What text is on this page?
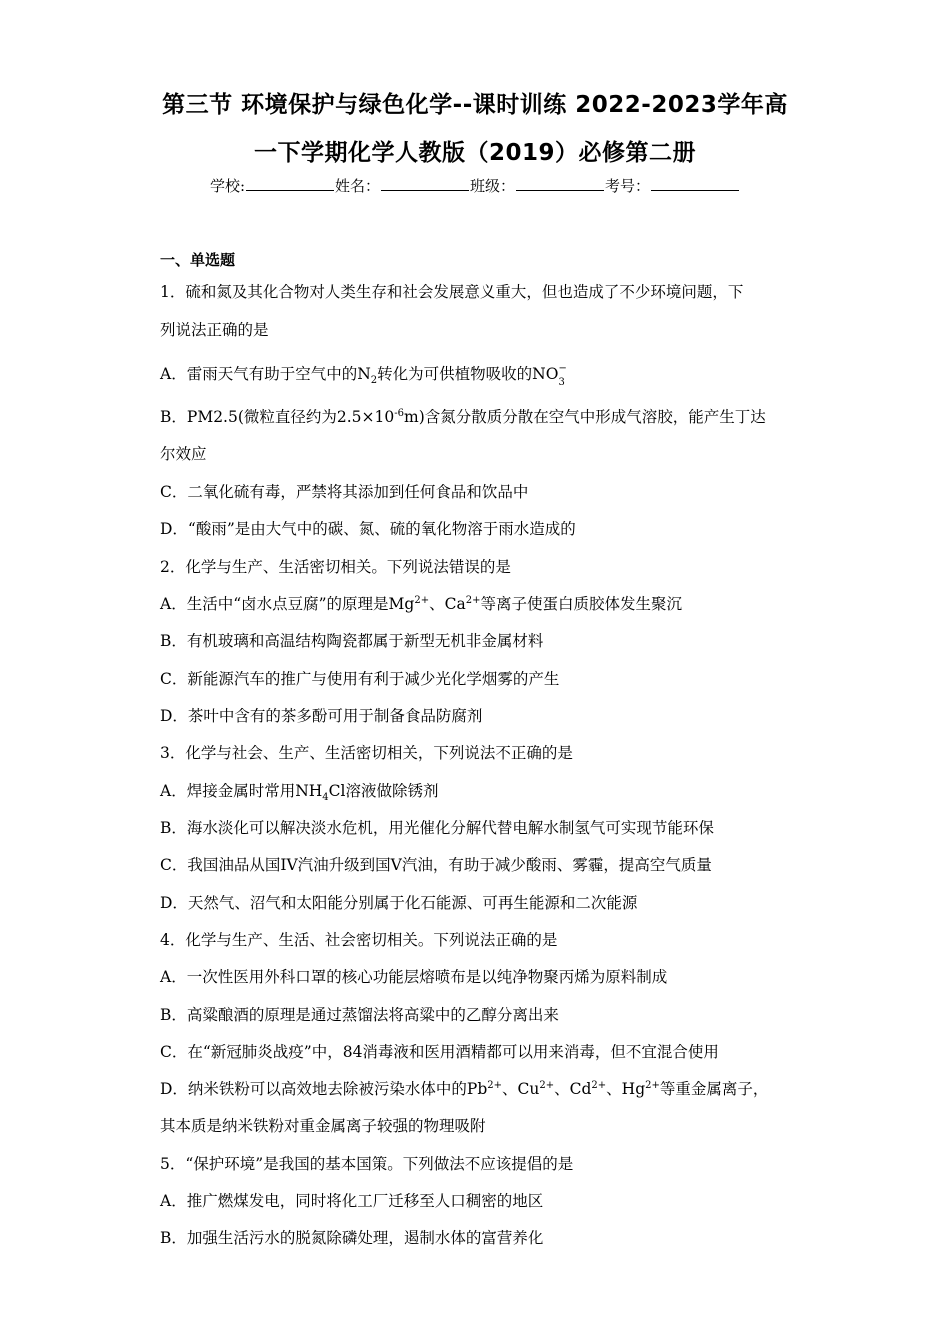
第三节 环境保护与绿色化学--课时训练 2022-2023学年高
一下学期化学人教版（2019）必修第二册
学校:	姓名：	班级：	考号：
一、单选题
1．硫和氮及其化合物对人类生存和社会发展意义重大，但也造成了不少环境问题，下
列说法正确的是
A．雷雨天气有助于空气中的$N_2$转化为可供植物吸收的NO −
3
B．PM2.5(微粒直径约为$2.5\times 10^{-6}m$)含氮分散质分散在空气中形成气溶胶，能产生丁达
尔效应
C．二氧化硫有毒，严禁将其添加到任何食品和饮品中
D．“酸雨”是由大气中的碳、氮、硫的氧化物溶于雨水造成的
2．化学与生产、生活密切相关。下列说法错误的是
A．生活中“卤水点豆腐”的原理是$Mg^{2+}$、$Ca^{2+}$等离子使蛋白质胶体发生聚沉
B．有机玻璃和高温结构陶瓷都属于新型无机非金属材料
C．新能源汽车的推广与使用有利于减少光化学烟雾的产生
D．茶叶中含有的茶多酚可用于制备食品防腐剂
3．化学与社会、生产、生活密切相关，下列说法不正确的是
A．焊接金属时常用$NH_4Cl$溶液做除锈剂
B．海水淡化可以解决淡水危机，用光催化分解代替电解水制氢气可实现节能环保
C．我国油品从国IV汽油升级到国V汽油，有助于减少酸雨、雾霾，提高空气质量
D．天然气、沼气和太阳能分别属于化石能源、可再生能源和二次能源
4．化学与生产、生活、社会密切相关。下列说法正确的是
A．一次性医用外科口罩的核心功能层熔喷布是以纯净物聚丙烯为原料制成
B．高粱酿酒的原理是通过蒸馏法将高粱中的乙醇分离出来
C．在“新冠肺炎战疫”中，84消毒液和医用酒精都可以用来消毒，但不宜混合使用
D．纳米铁粉可以高效地去除被污染水体中的$Pb^{2+}$、$Cu^{2+}$、$Cd^{2+}$、$Hg^{2+}$等重金属离子，
其本质是纳米铁粉对重金属离子较强的物理吸附
5．“保护环境”是我国的基本国策。下列做法不应该提倡的是
A．推广燃煤发电，同时将化工厂迁移至人口稠密的地区
B．加强生活污水的脱氮除磷处理，遏制水体的富营养化
